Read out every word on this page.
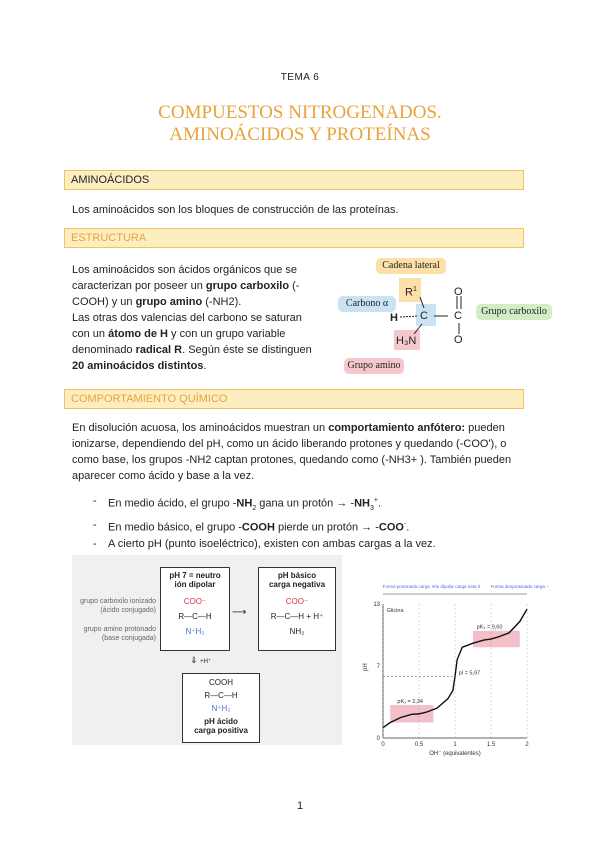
TEMA 6
COMPUESTOS NITROGENADOS.
AMINOÁCIDOS Y PROTEÍNAS
AMINOÁCIDOS
Los aminoácidos son los bloques de construcción de las proteínas.
ESTRUCTURA
Los aminoácidos son ácidos orgánicos que se caracterizan por poseer un grupo carboxilo (-COOH) y un grupo amino (-NH2).
Las otras dos valencias del carbono se saturan con un átomo de H y con un grupo variable denominado radical R. Según éste se distinguen 20 aminoácidos distintos.
Cadena lateral
Carbono α
Grupo carboxilo
Grupo amino
$R^1$
H C C
O
O
H₃N
COMPORTAMIENTO QUÍMICO
En disolución acuosa, los aminoácidos muestran un comportamiento anfótero: pueden ionizarse, dependiendo del pH, como un ácido liberando protones y quedando (-COO'), o como base, los grupos -NH2 captan protones, quedando como (-NH3+ ). También pueden aparecer como ácido y base a la vez.
- En medio ácido, el grupo $-NH_2$ gana un protón → $-NH_3^+$.
- En medio básico, el grupo -COOH pierde un protón → -COO-.
- A cierto pH (punto isoeléctrico), existen con ambas cargas a la vez.
grupo carboxilo ionizado
(ácido conjugado)
grupo amino protonado
(base conjugada)
pH 7 = neutro
ión dipolar
COO⁻
R—C—H
N⁺H₃
⟶
pH básico
carga negativa
COO⁻
R—C—H + H⁺
NH₂
⇓ +H⁺
COOH
R—C—H
N⁺H₃
pH ácido
carga positiva
0	0.5	1	1.5	2
0
7
13
OH⁻ (equivalentes)
pH
pK₁ = 2,34
pI = 5,97
pK₂ = 9,60
Glicina
Forma protonada carga + Ión dipolar carga neta 0 Forma desprotonada carga −
1
